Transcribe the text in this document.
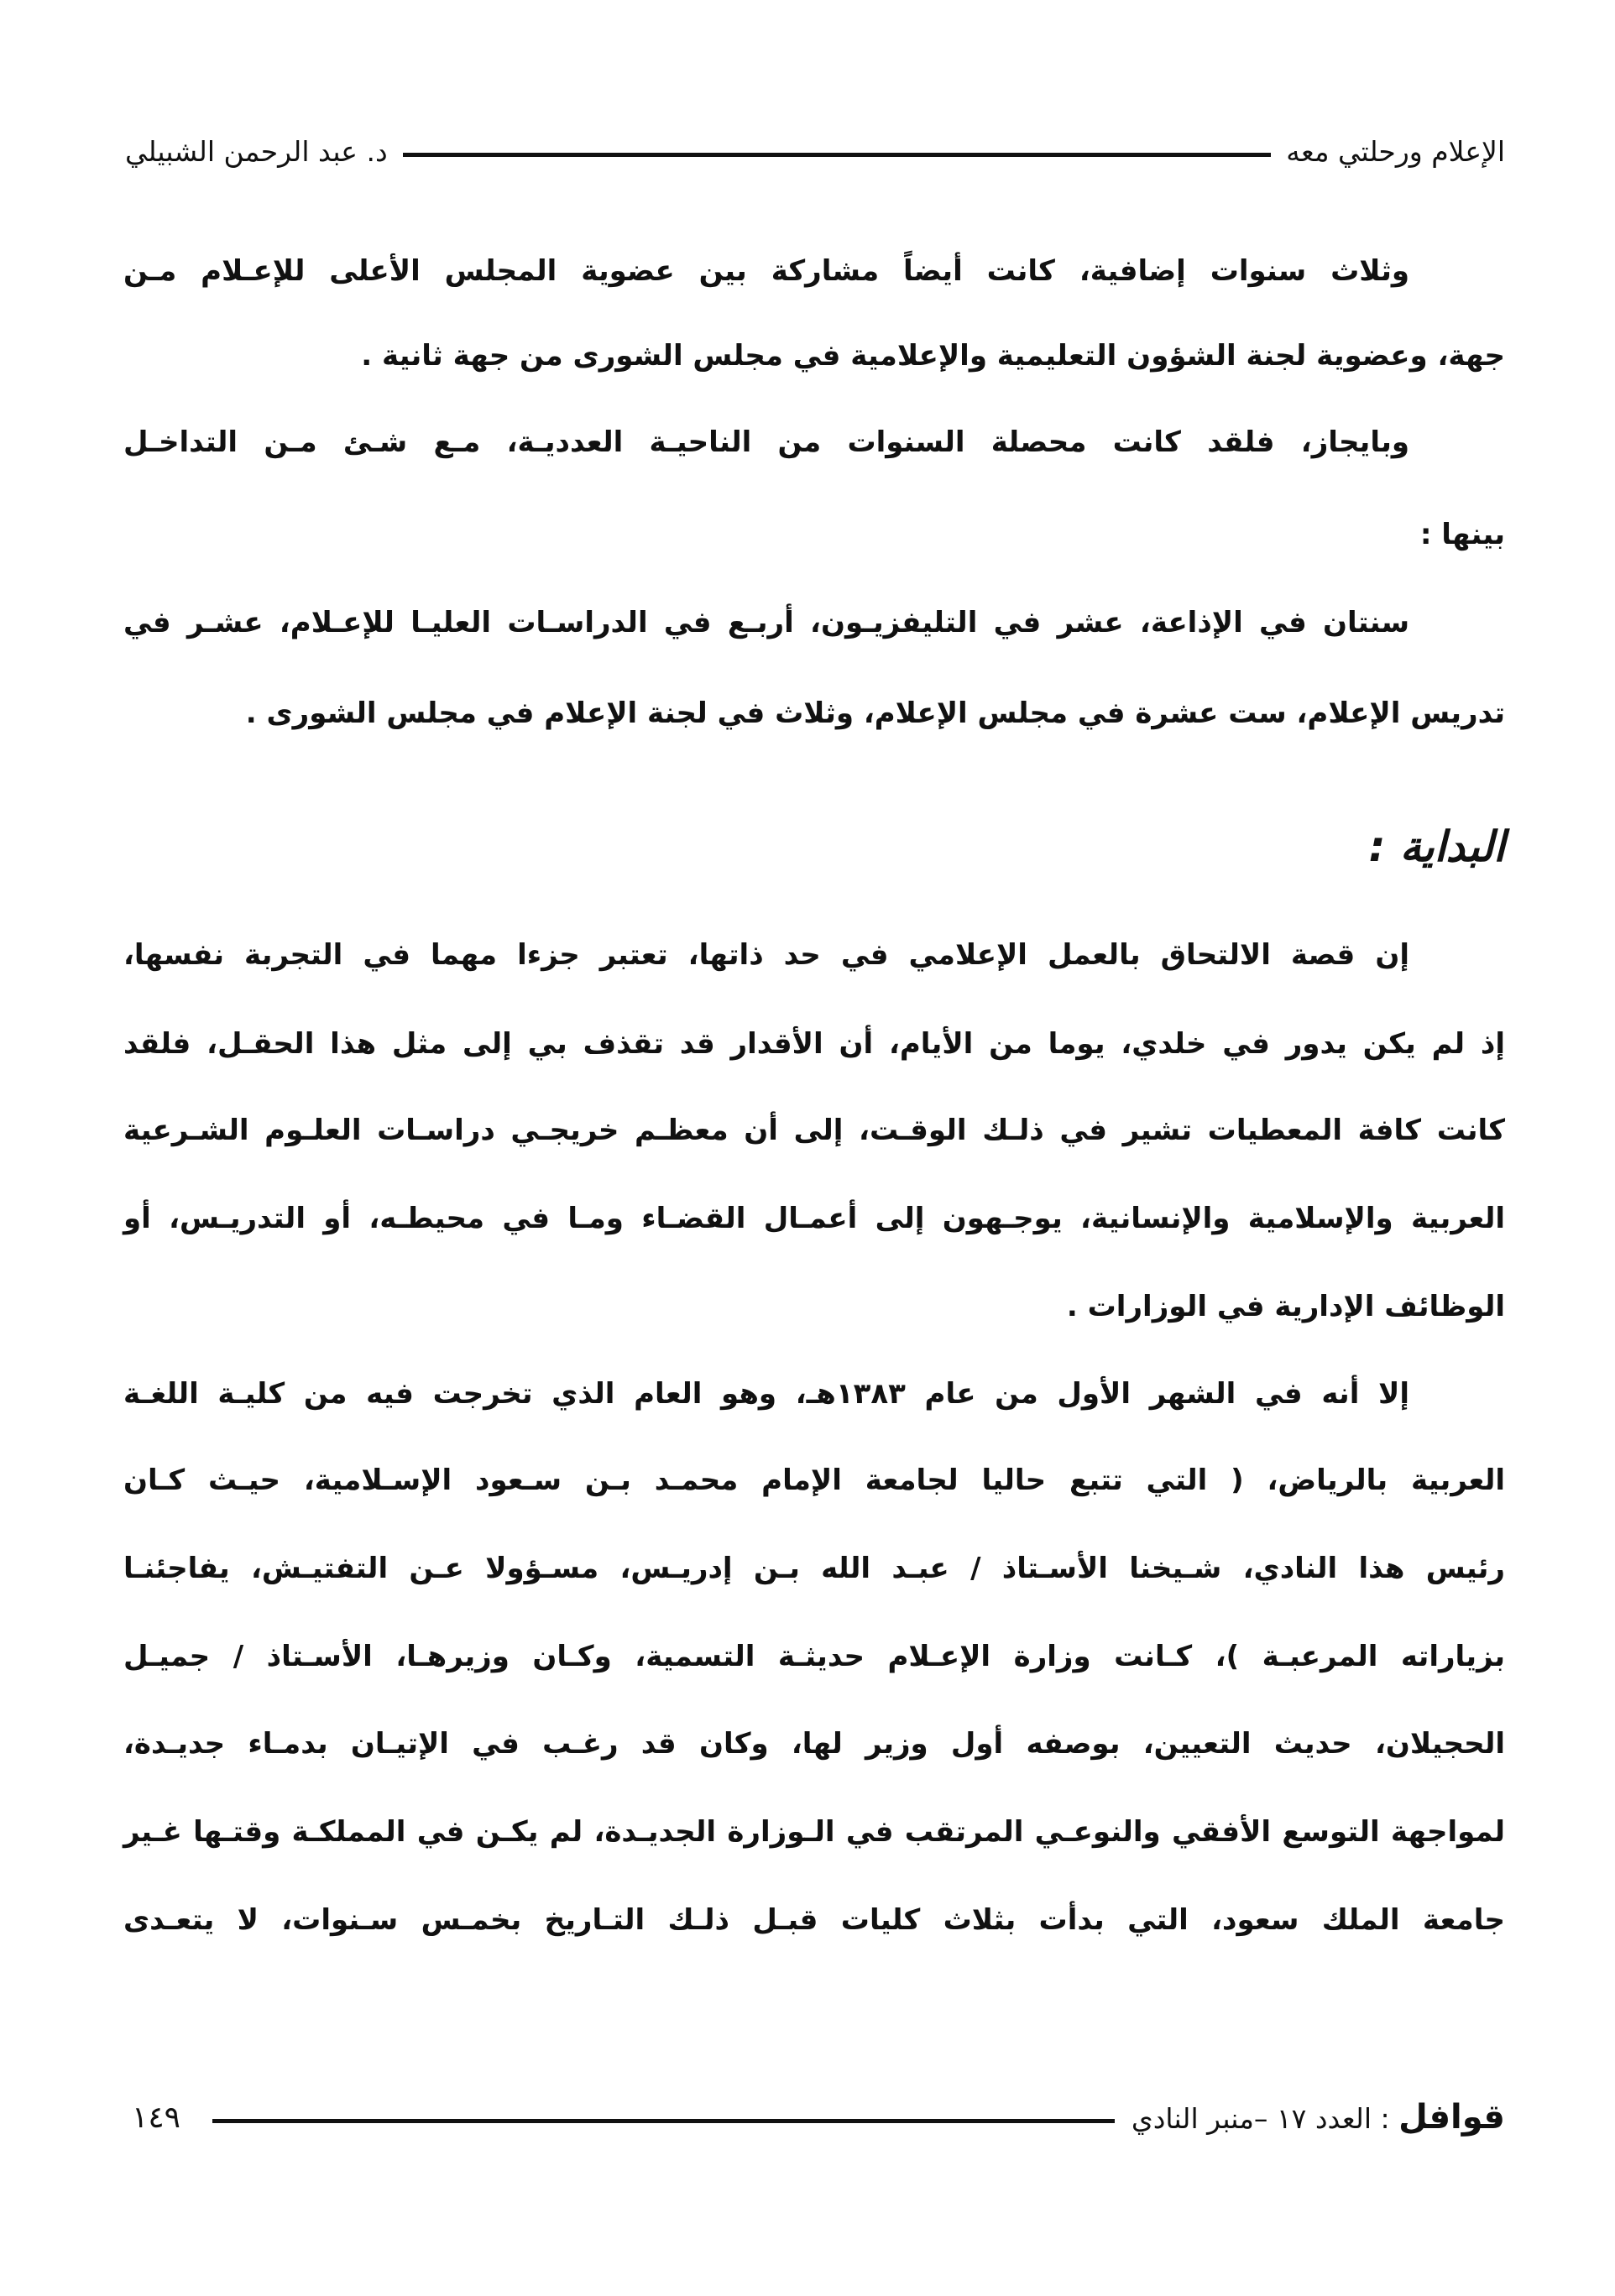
الإعلام ورحلتي معه
د. عبد الرحمن الشبيلي
وثلاث سنوات إضافية، كانت أيضاً مشاركة بين عضوية المجلس الأعلى للإعـلام مـن
جهة، وعضوية لجنة الشؤون التعليمية والإعلامية في مجلس الشورى من جهة ثانية .
وبايجاز، فلقد كانت محصلة السنوات من الناحيـة العدديـة، مـع شـئ مـن التداخـل
بينها :
سنتان في الإذاعة، عشر في التليفزيـون، أربـع في الدراسـات العليـا للإعـلام، عشـر في
تدريس الإعلام، ست عشرة في مجلس الإعلام، وثلاث في لجنة الإعلام في مجلس الشورى .
البداية :
إن قصة الالتحاق بالعمل الإعلامي في حد ذاتها، تعتبر جزءا مهما في التجربة نفسها،
إذ لم يكن يدور في خلدي، يوما من الأيام، أن الأقدار قد تقذف بي إلى مثل هذا الحقـل، فلقد
كانت كافة المعطيات تشير في ذلـك الوقـت، إلى أن معظـم خريجـي دراسـات العلـوم الشـرعية
العربية والإسلامية والإنسانية، يوجـهون إلى أعمـال القضـاء ومـا في محيطـه، أو التدريـس، أو
الوظائف الإدارية في الوزارات .
إلا أنه في الشهر الأول من عام ١٣٨٣هـ، وهو العام الذي تخرجت فيه من كليـة اللغـة
العربية بالرياض، ( التي تتبع حاليا لجامعة الإمام محمـد بـن سـعود الإسـلامية، حيـث كـان
رئيس هذا النادي، شـيخنا الأسـتاذ / عبـد الله بـن إدريـس، مسـؤولا عـن التفتيـش، يفاجئنـا
بزياراته المرعبـة )، كـانت وزارة الإعـلام حديثـة التسمية، وكـان وزيرهـا، الأسـتاذ / جميـل
الحجيلان، حديث التعيين، بوصفه أول وزير لها، وكان قد رغـب في الإتيـان بدمـاء جديـدة،
لمواجهة التوسع الأفقي والنوعـي المرتقب في الـوزارة الجديـدة، لم يكـن في المملكـة وقتـها غـير
جامعة الملك سعود، التي بدأت بثلاث كليات قبـل ذلـك التـاريخ بخمـس سـنوات، لا يتعـدى
قوافل : العدد ١٧ –منبر النادي
١٤٩
